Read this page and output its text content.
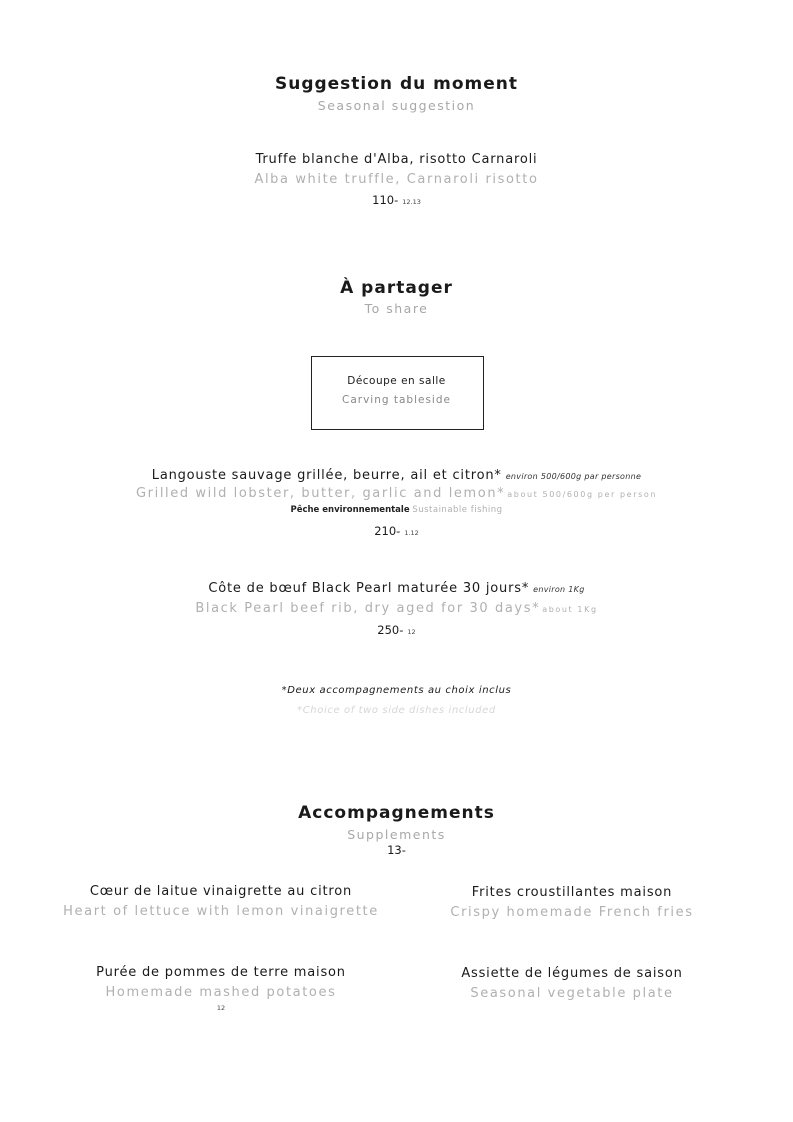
Suggestion du moment
Seasonal suggestion
Truffe blanche d'Alba, risotto Carnaroli
Alba white truffle, Carnaroli risotto
110- 12.13
À partager
To share
Découpe en salle
Carving tableside
Langouste sauvage grillée, beurre, ail et citron* environ 500/600g par personne
Grilled wild lobster, butter, garlic and lemon* about 500/600g per person
Pêche environnementale Sustainable fishing
210- 1.12
Côte de bœuf Black Pearl maturée 30 jours* environ 1Kg
Black Pearl beef rib, dry aged for 30 days* about 1Kg
250- 12
*Deux accompagnements au choix inclus
*Choice of two side dishes included
Accompagnements
Supplements
13-
Cœur de laitue vinaigrette au citron
Heart of lettuce with lemon vinaigrette
Frites croustillantes maison
Crispy homemade French fries
Purée de pommes de terre maison
Homemade mashed potatoes
12
Assiette de légumes de saison
Seasonal vegetable plate
